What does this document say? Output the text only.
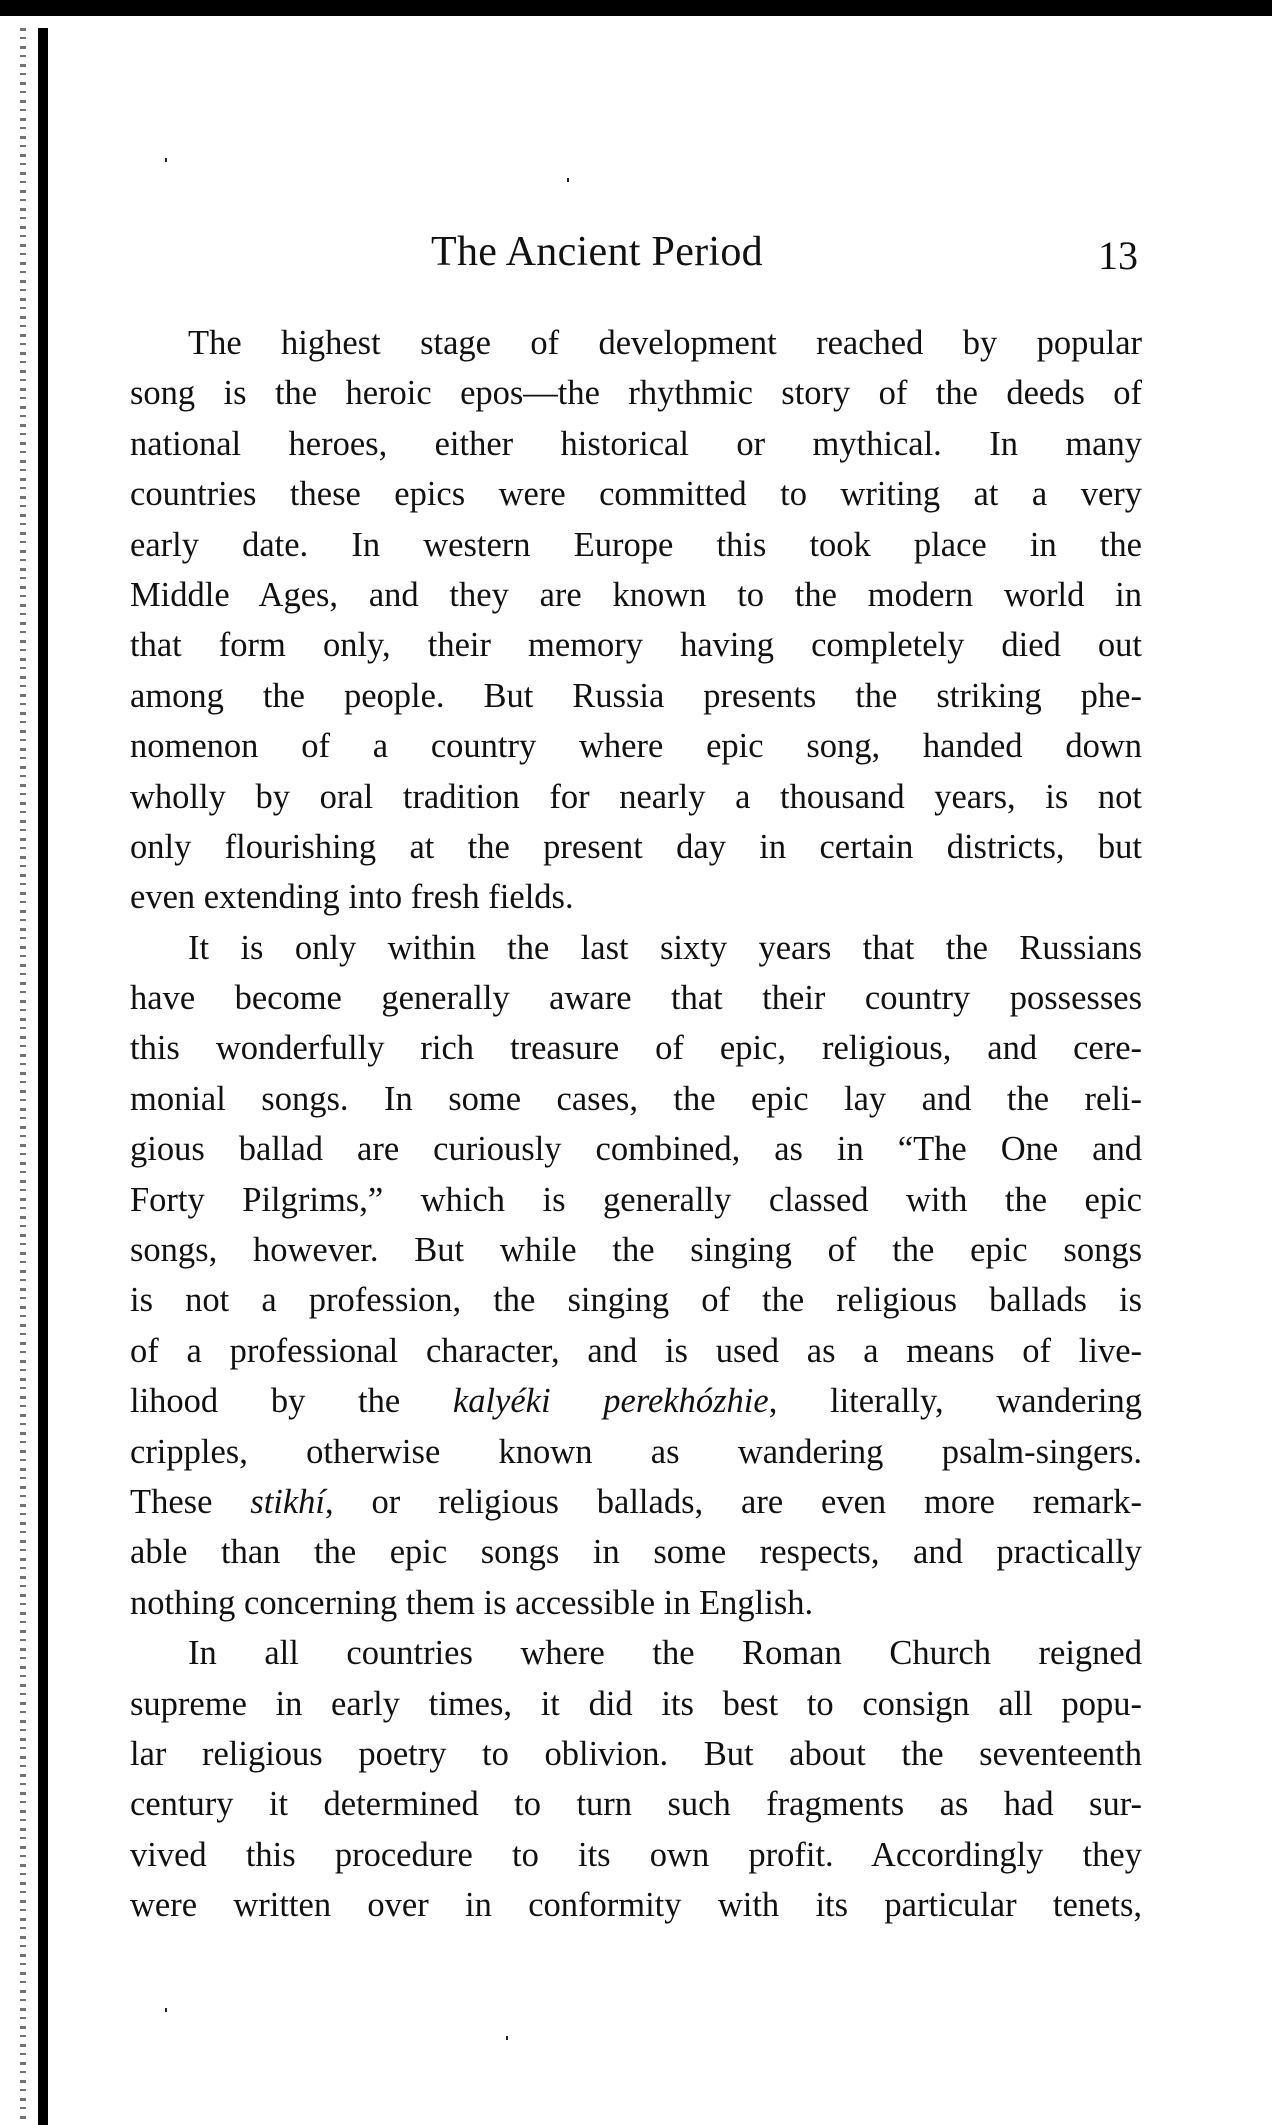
The Ancient Period	13
The highest stage of development reached by popular
song is the heroic epos—the rhythmic story of the deeds of
national heroes, either historical or mythical. In many
countries these epics were committed to writing at a very
early date. In western Europe this took place in the
Middle Ages, and they are known to the modern world in
that form only, their memory having completely died out
among the people. But Russia presents the striking phe-
nomenon of a country where epic song, handed down
wholly by oral tradition for nearly a thousand years, is not
only flourishing at the present day in certain districts, but
even extending into fresh fields.
It is only within the last sixty years that the Russians
have become generally aware that their country possesses
this wonderfully rich treasure of epic, religious, and cere-
monial songs. In some cases, the epic lay and the reli-
gious ballad are curiously combined, as in “The One and
Forty Pilgrims,” which is generally classed with the epic
songs, however. But while the singing of the epic songs
is not a profession, the singing of the religious ballads is
of a professional character, and is used as a means of live-
lihood by the kalyéki perekhózhie, literally, wandering
cripples, otherwise known as wandering psalm-singers.
These stikhí, or religious ballads, are even more remark-
able than the epic songs in some respects, and practically
nothing concerning them is accessible in English.
In all countries where the Roman Church reigned
supreme in early times, it did its best to consign all popu-
lar religious poetry to oblivion. But about the seventeenth
century it determined to turn such fragments as had sur-
vived this procedure to its own profit. Accordingly they
were written over in conformity with its particular tenets,
